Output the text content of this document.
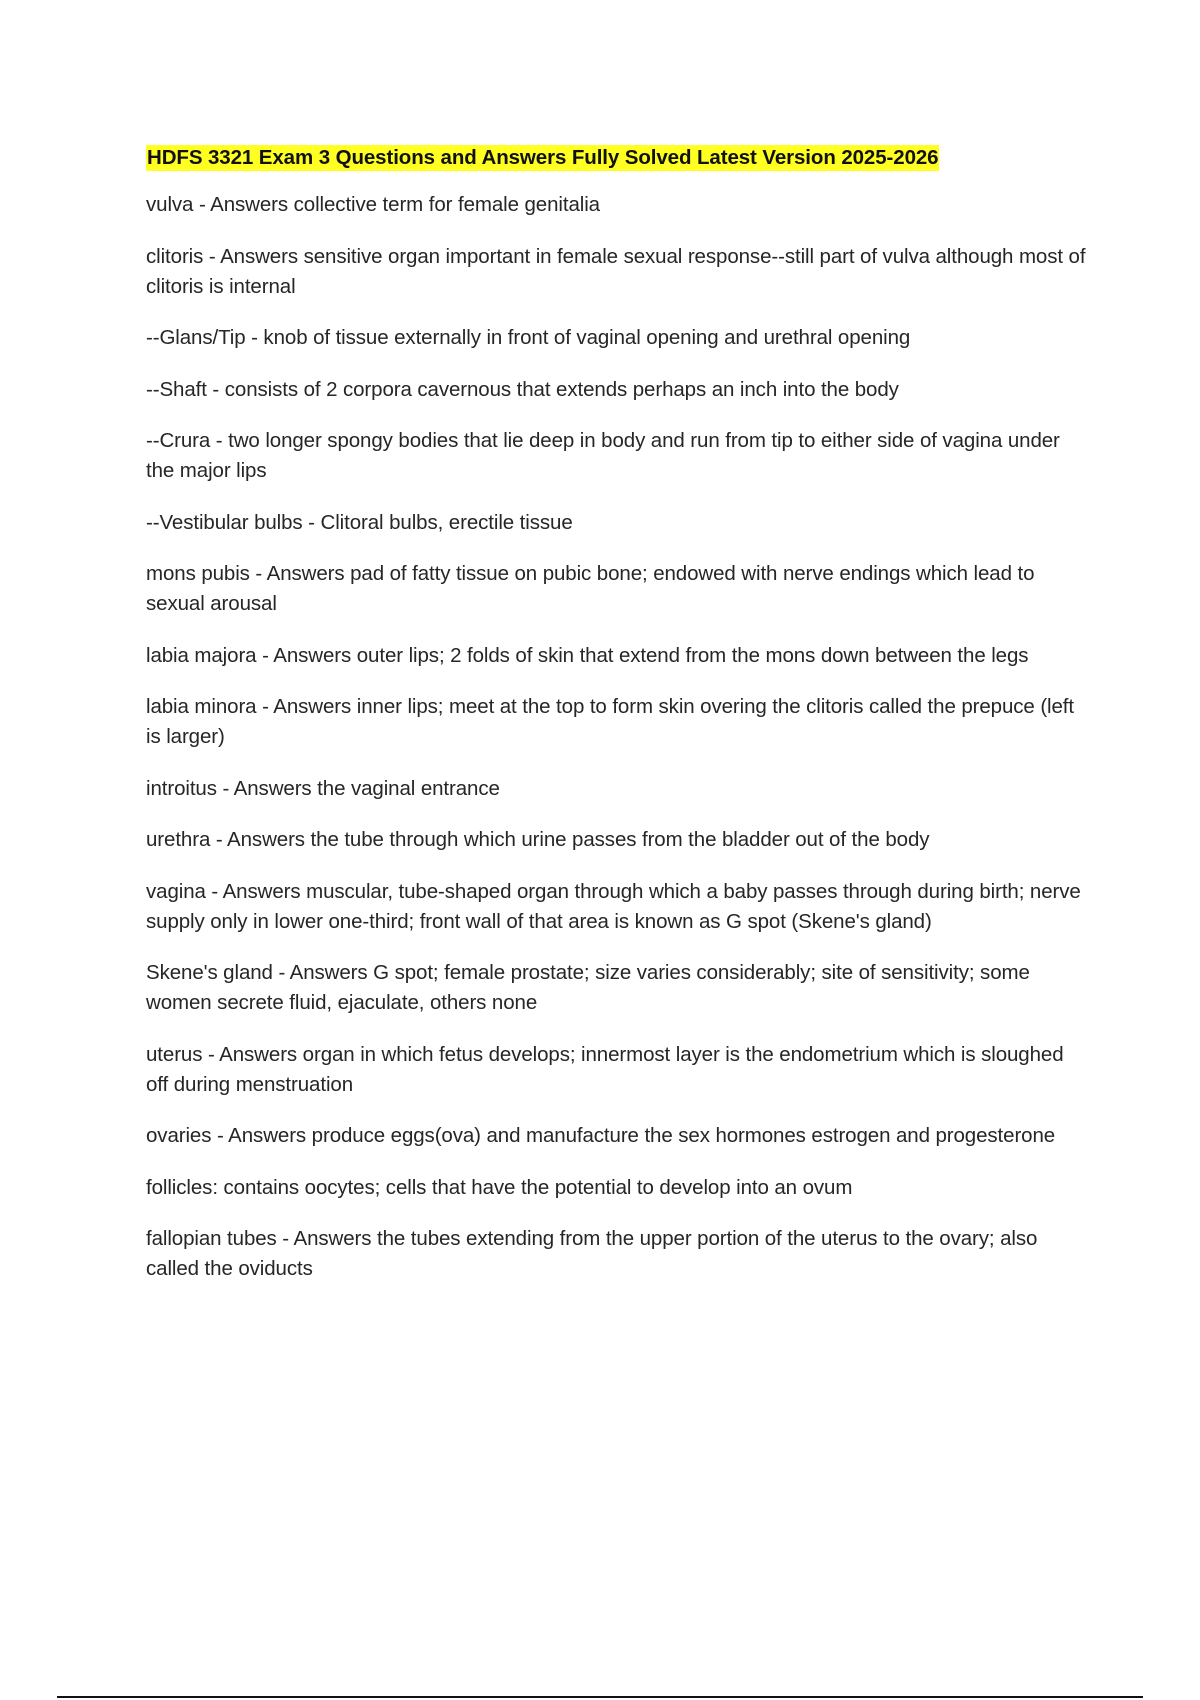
HDFS 3321 Exam 3 Questions and Answers Fully Solved Latest Version 2025-2026

vulva - Answers collective term for female genitalia

clitoris - Answers sensitive organ important in female sexual response--still part of vulva although most of clitoris is internal

--Glans/Tip - knob of tissue externally in front of vaginal opening and urethral opening

--Shaft - consists of 2 corpora cavernous that extends perhaps an inch into the body

--Crura - two longer spongy bodies that lie deep in body and run from tip to either side of vagina under the major lips

--Vestibular bulbs - Clitoral bulbs, erectile tissue

mons pubis - Answers pad of fatty tissue on pubic bone; endowed with nerve endings which lead to sexual arousal

labia majora - Answers outer lips; 2 folds of skin that extend from the mons down between the legs

labia minora - Answers inner lips; meet at the top to form skin overing the clitoris called the prepuce (left is larger)

introitus - Answers the vaginal entrance

urethra - Answers the tube through which urine passes from the bladder out of the body

vagina - Answers muscular, tube-shaped organ through which a baby passes through during birth; nerve supply only in lower one-third; front wall of that area is known as G spot (Skene's gland)

Skene's gland - Answers G spot; female prostate; size varies considerably; site of sensitivity; some women secrete fluid, ejaculate, others none

uterus - Answers organ in which fetus develops; innermost layer is the endometrium which is sloughed off during menstruation

ovaries - Answers produce eggs(ova) and manufacture the sex hormones estrogen and progesterone

follicles: contains oocytes; cells that have the potential to develop into an ovum

fallopian tubes - Answers the tubes extending from the upper portion of the uterus to the ovary; also called the oviducts
